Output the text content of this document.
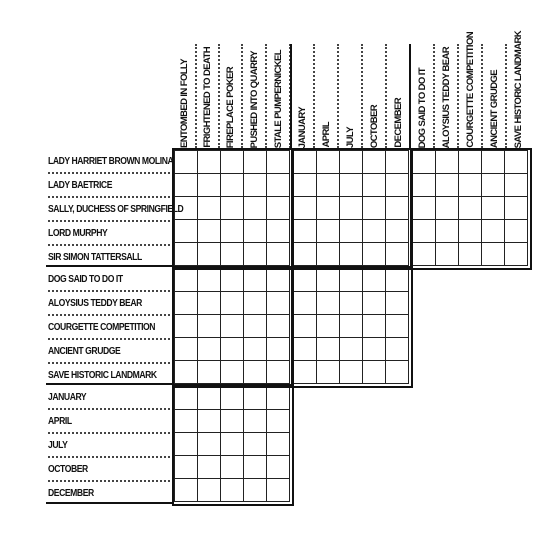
ENTOMBED IN FOLLY FRIGHTENED TO DEATH FIREPLACE POKER PUSHED INTO QUARRY STALE PUMPERNICKEL JANUARY APRIL JULY OCTOBER DECEMBER DOG SAID TO DO IT ALOYSIUS TEDDY BEAR COURGETTE COMPETITION ANCIENT GRUDGE SAVE HISTORIC LANDMARK
LADY HARRIET BROWN MOLINA
LADY BAETRICE
SALLY, DUCHESS OF SPRINGFIELD
LORD MURPHY
SIR SIMON TATTERSALL
DOG SAID TO DO IT
ALOYSIUS TEDDY BEAR
COURGETTE COMPETITION
ANCIENT GRUDGE
SAVE HISTORIC LANDMARK
JANUARY
APRIL
JULY
OCTOBER
DECEMBER
